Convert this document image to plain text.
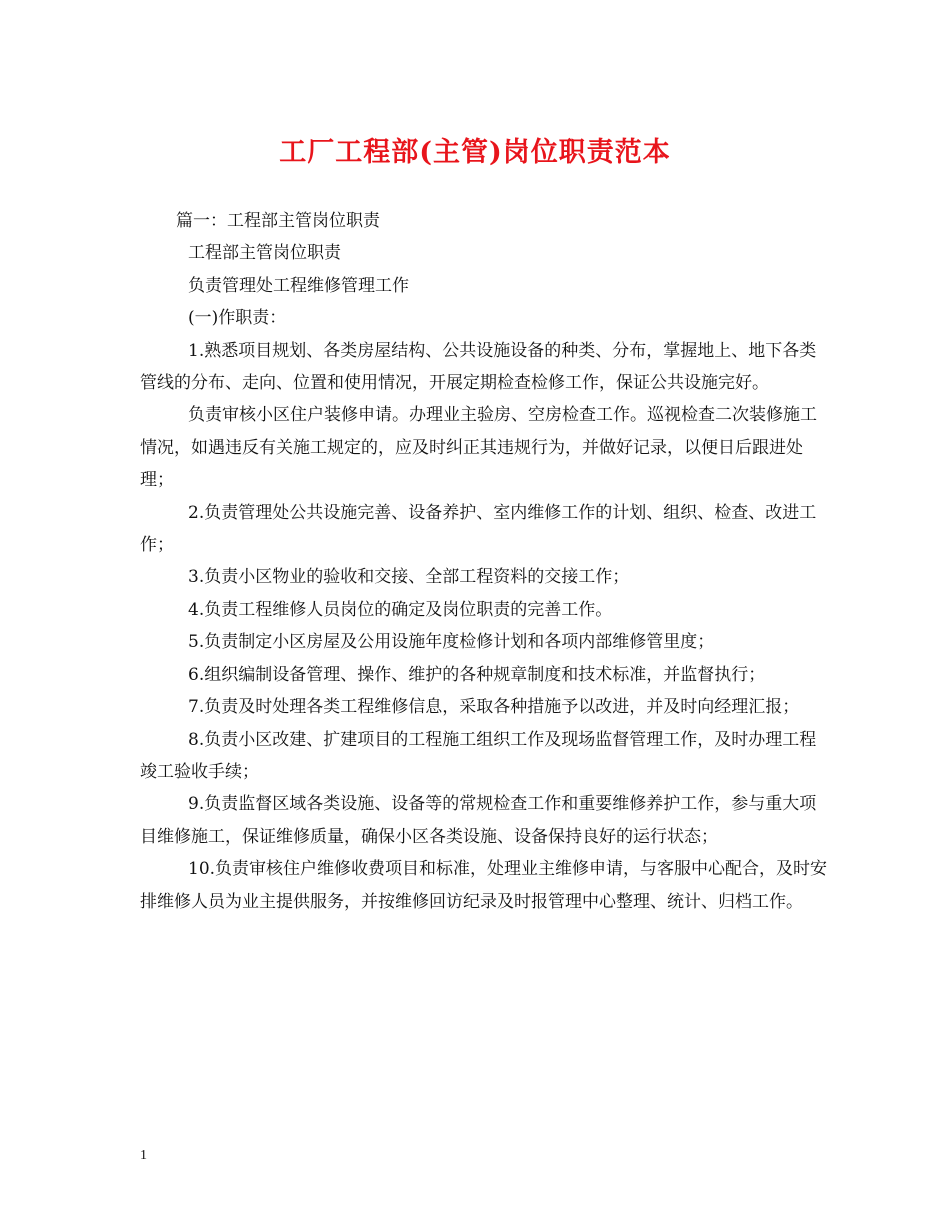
工厂工程部(主管)岗位职责范本

篇一：工程部主管岗位职责

工程部主管岗位职责

负责管理处工程维修管理工作

(一)作职责：

1.熟悉项目规划、各类房屋结构、公共设施设备的种类、分布，掌握地上、地下各类管线的分布、走向、位置和使用情况，开展定期检查检修工作，保证公共设施完好。

负责审核小区住户装修申请。办理业主验房、空房检查工作。巡视检查二次装修施工情况，如遇违反有关施工规定的，应及时纠正其违规行为，并做好记录，以便日后跟进处理；

2.负责管理处公共设施完善、设备养护、室内维修工作的计划、组织、检查、改进工作；

3.负责小区物业的验收和交接、全部工程资料的交接工作；

4.负责工程维修人员岗位的确定及岗位职责的完善工作。

5.负责制定小区房屋及公用设施年度检修计划和各项内部维修管里度；

6.组织编制设备管理、操作、维护的各种规章制度和技术标准，并监督执行；

7.负责及时处理各类工程维修信息，采取各种措施予以改进，并及时向经理汇报；

8.负责小区改建、扩建项目的工程施工组织工作及现场监督管理工作，及时办理工程竣工验收手续；

9.负责监督区域各类设施、设备等的常规检查工作和重要维修养护工作，参与重大项目维修施工，保证维修质量，确保小区各类设施、设备保持良好的运行状态；

10.负责审核住户维修收费项目和标准，处理业主维修申请，与客服中心配合，及时安排维修人员为业主提供服务，并按维修回访纪录及时报管理中心整理、统计、归档工作。

1
